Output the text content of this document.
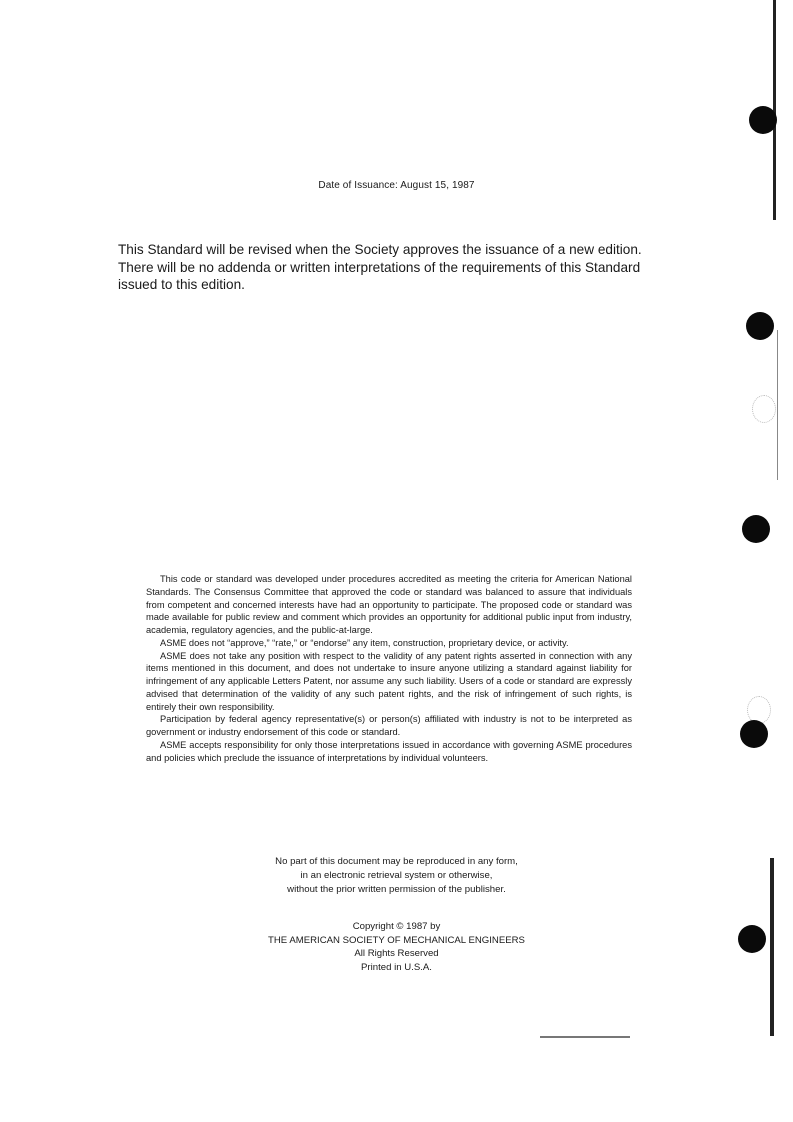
Date of Issuance: August 15, 1987

This Standard will be revised when the Society approves the issuance of a new edition.

There will be no addenda or written interpretations of the requirements of this Standard

issued to this edition.

This code or standard was developed under procedures accredited as meeting the criteria for American National Standards. The Consensus Committee that approved the code or standard was balanced to assure that individuals from competent and concerned interests have had an opportunity to participate. The proposed code or standard was made available for public review and comment which provides an opportunity for additional public input from industry, academia, regulatory agencies, and the public-at-large.

ASME does not “approve,” “rate,” or “endorse” any item, construction, proprietary device, or activity.

ASME does not take any position with respect to the validity of any patent rights asserted in connection with any items mentioned in this document, and does not undertake to insure anyone utilizing a standard against liability for infringement of any applicable Letters Patent, nor assume any such liability. Users of a code or standard are expressly advised that determination of the validity of any such patent rights, and the risk of infringement of such rights, is entirely their own responsibility.

Participation by federal agency representative(s) or person(s) affiliated with industry is not to be interpreted as government or industry endorsement of this code or standard.

ASME accepts responsibility for only those interpretations issued in accordance with governing ASME procedures and policies which preclude the issuance of interpretations by individual volunteers.

No part of this document may be reproduced in any form,
in an electronic retrieval system or otherwise,
without the prior written permission of the publisher.
Copyright © 1987 by
THE AMERICAN SOCIETY OF MECHANICAL ENGINEERS
All Rights Reserved
Printed in U.S.A.
